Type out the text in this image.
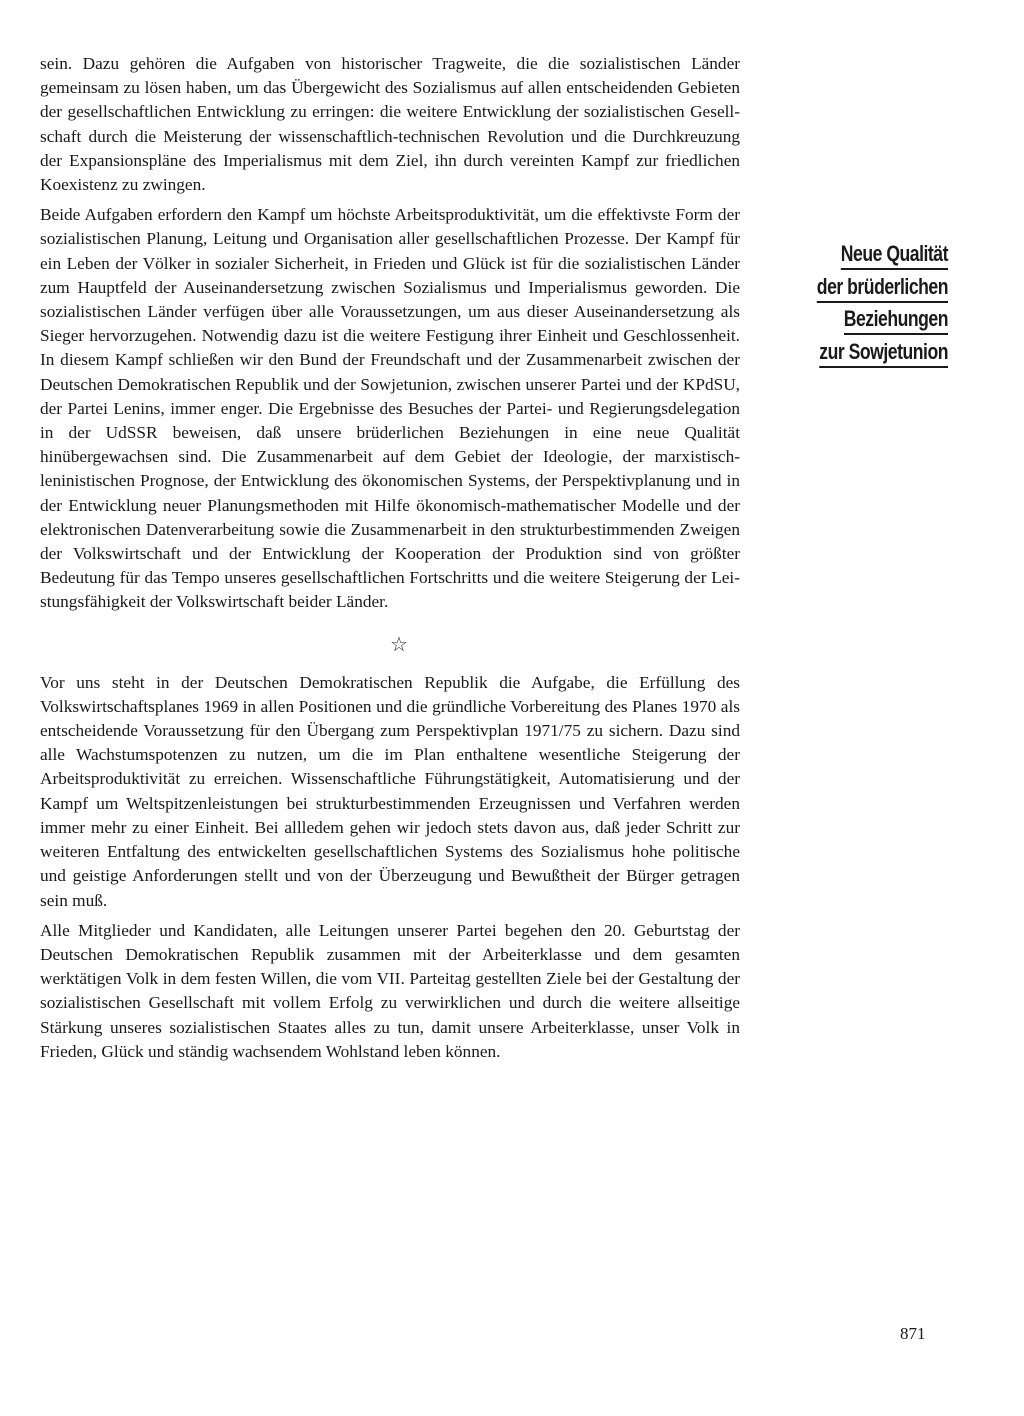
sein. Dazu gehören die Aufgaben von historischer Tragweite, die die sozialistischen Länder gemeinsam zu lösen haben, um das Übergewicht des Sozialismus auf allen entscheidenden Gebieten der gesellschaftlichen Entwicklung zu erringen: die weitere Entwicklung der sozialistischen Gesellschaft durch die Meisterung der wissenschaftlich-technischen Revolution und die Durchkreuzung der Expansionspläne des Imperialismus mit dem Ziel, ihn durch vereinten Kampf zur friedlichen Koexistenz zu zwingen.

Beide Aufgaben erfordern den Kampf um höchste Arbeitsproduktivität, um die effektivste Form der sozialistischen Planung, Leitung und Organisation aller gesellschaftlichen Prozesse. Der Kampf für ein Leben der Völker in sozialer Sicherheit, in Frieden und Glück ist für die sozialistischen Länder zum Hauptfeld der Auseinandersetzung zwischen Sozialismus und Imperialismus geworden. Die sozialistischen Länder verfügen über alle Voraussetzungen, um aus dieser Auseinandersetzung als Sieger hervorzugehen. Notwendig dazu ist die weitere Festigung ihrer Einheit und Geschlossenheit. In diesem Kampf schließen wir den Bund der Freundschaft und der Zusammenarbeit zwischen der Deutschen Demokratischen Republik und der Sowjetunion, zwischen unserer Partei und der KPdSU, der Partei Lenins, immer enger. Die Ergebnisse des Besuches der Partei- und Regierungsdelegation in der UdSSR beweisen, daß unsere brüderlichen Beziehungen in eine neue Qualität hinübergewachsen sind. Die Zusammenarbeit auf dem Gebiet der Ideologie, der marxistisch-leninistischen Prognose, der Entwicklung des ökonomischen Systems, der Perspektivplanung und in der Entwicklung neuer Planungsmethoden mit Hilfe ökonomisch-mathematischer Modelle und der elektronischen Datenverarbeitung sowie die Zusammenarbeit in den strukturbestimmenden Zweigen der Volkswirtschaft und der Entwicklung der Kooperation der Produktion sind von größter Bedeutung für das Tempo unseres gesellschaftlichen Fortschritts und die weitere Steigerung der Leistungsfähigkeit der Volkswirtschaft beider Länder.

☆

Vor uns steht in der Deutschen Demokratischen Republik die Aufgabe, die Erfüllung des Volkswirtschaftsplanes 1969 in allen Positionen und die gründliche Vorbereitung des Planes 1970 als entscheidende Voraussetzung für den Übergang zum Perspektivplan 1971/75 zu sichern. Dazu sind alle Wachstumspotenzen zu nutzen, um die im Plan enthaltene wesentliche Steigerung der Arbeitsproduktivität zu erreichen. Wissenschaftliche Führungstätigkeit, Automatisierung und der Kampf um Weltspitzenleistungen bei strukturbestimmenden Erzeugnissen und Verfahren werden immer mehr zu einer Einheit. Bei allledem gehen wir jedoch stets davon aus, daß jeder Schritt zur weiteren Entfaltung des entwickelten gesellschaftlichen Systems des Sozialismus hohe politische und geistige Anforderungen stellt und von der Überzeugung und Bewußtheit der Bürger getragen sein muß.

Alle Mitglieder und Kandidaten, alle Leitungen unserer Partei begehen den 20. Geburtstag der Deutschen Demokratischen Republik zusammen mit der Arbeiterklasse und dem gesamten werktätigen Volk in dem festen Willen, die vom VII. Parteitag gestellten Ziele bei der Gestaltung der sozialistischen Gesellschaft mit vollem Erfolg zu verwirklichen und durch die weitere allseitige Stärkung unseres sozialistischen Staates alles zu tun, damit unsere Arbeiterklasse, unser Volk in Frieden, Glück und ständig wachsendem Wohlstand leben können.

Neue Qualität
der brüderlichen
Beziehungen
zur Sowjetunion
871
